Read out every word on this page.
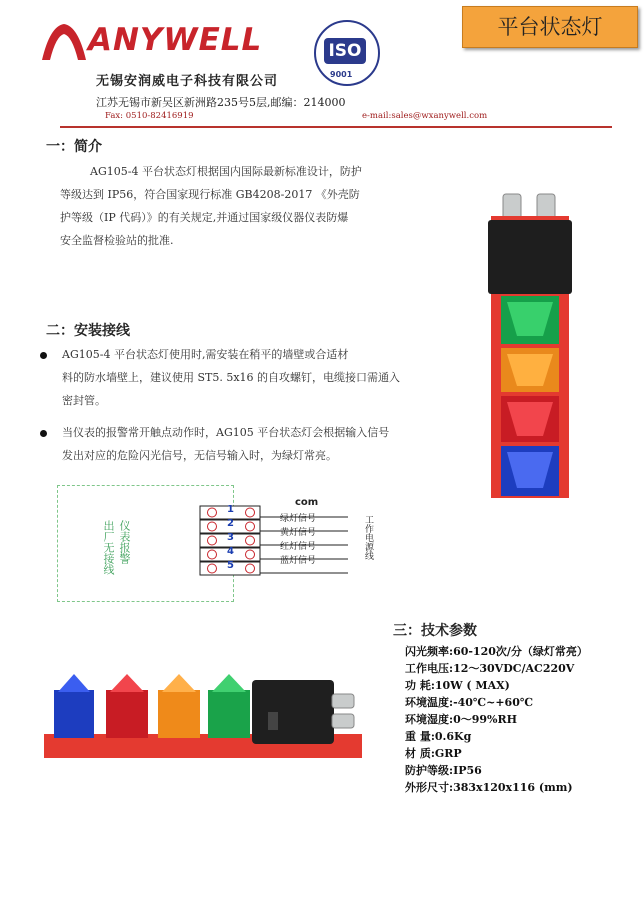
ANYWELL	ISO
9001
平台状态灯
无锡安润威电子科技有限公司
江苏无锡市新吴区新洲路235号5层,邮编：214000
Fax: 0510-82416919	e-mail:sales@wxanywell.com
一：简介
AG105-4 平台状态灯根据国内国际最新标准设计，防护
等级达到 IP56，符合国家现行标准 GB4208-2017 《外壳防
护等级（IP 代码）》的有关规定,并通过国家级仪器仪表防爆
安全监督检验站的批准.
二：安装接线
AG105-4 平台状态灯使用时,需安装在稍平的墙壁或合适材
料的防水墙壁上，建议使用 ST5. 5x16 的自攻螺钉，电缆接口需通入
密封管。
当仪表的报警常开触点动作时，AG105 平台状态灯会根据输入信号
发出对应的危险闪光信号，无信号输入时，为绿灯常亮。
仪表报警
出厂无接线
com
绿灯信号
黄灯信号
红灯信号
蓝灯信号
1
2
3
4
5
工作电源线
三：技术参数
闪光频率:60-120次/分（绿灯常亮）
工作电压:12～30VDC/AC220V
功 耗:10W ( MAX)
环境温度:-40℃~+60℃
环境湿度:0～99%RH
重 量:0.6Kg
材 质:GRP
防护等级:IP56
外形尺寸:383x120x116 (mm)
